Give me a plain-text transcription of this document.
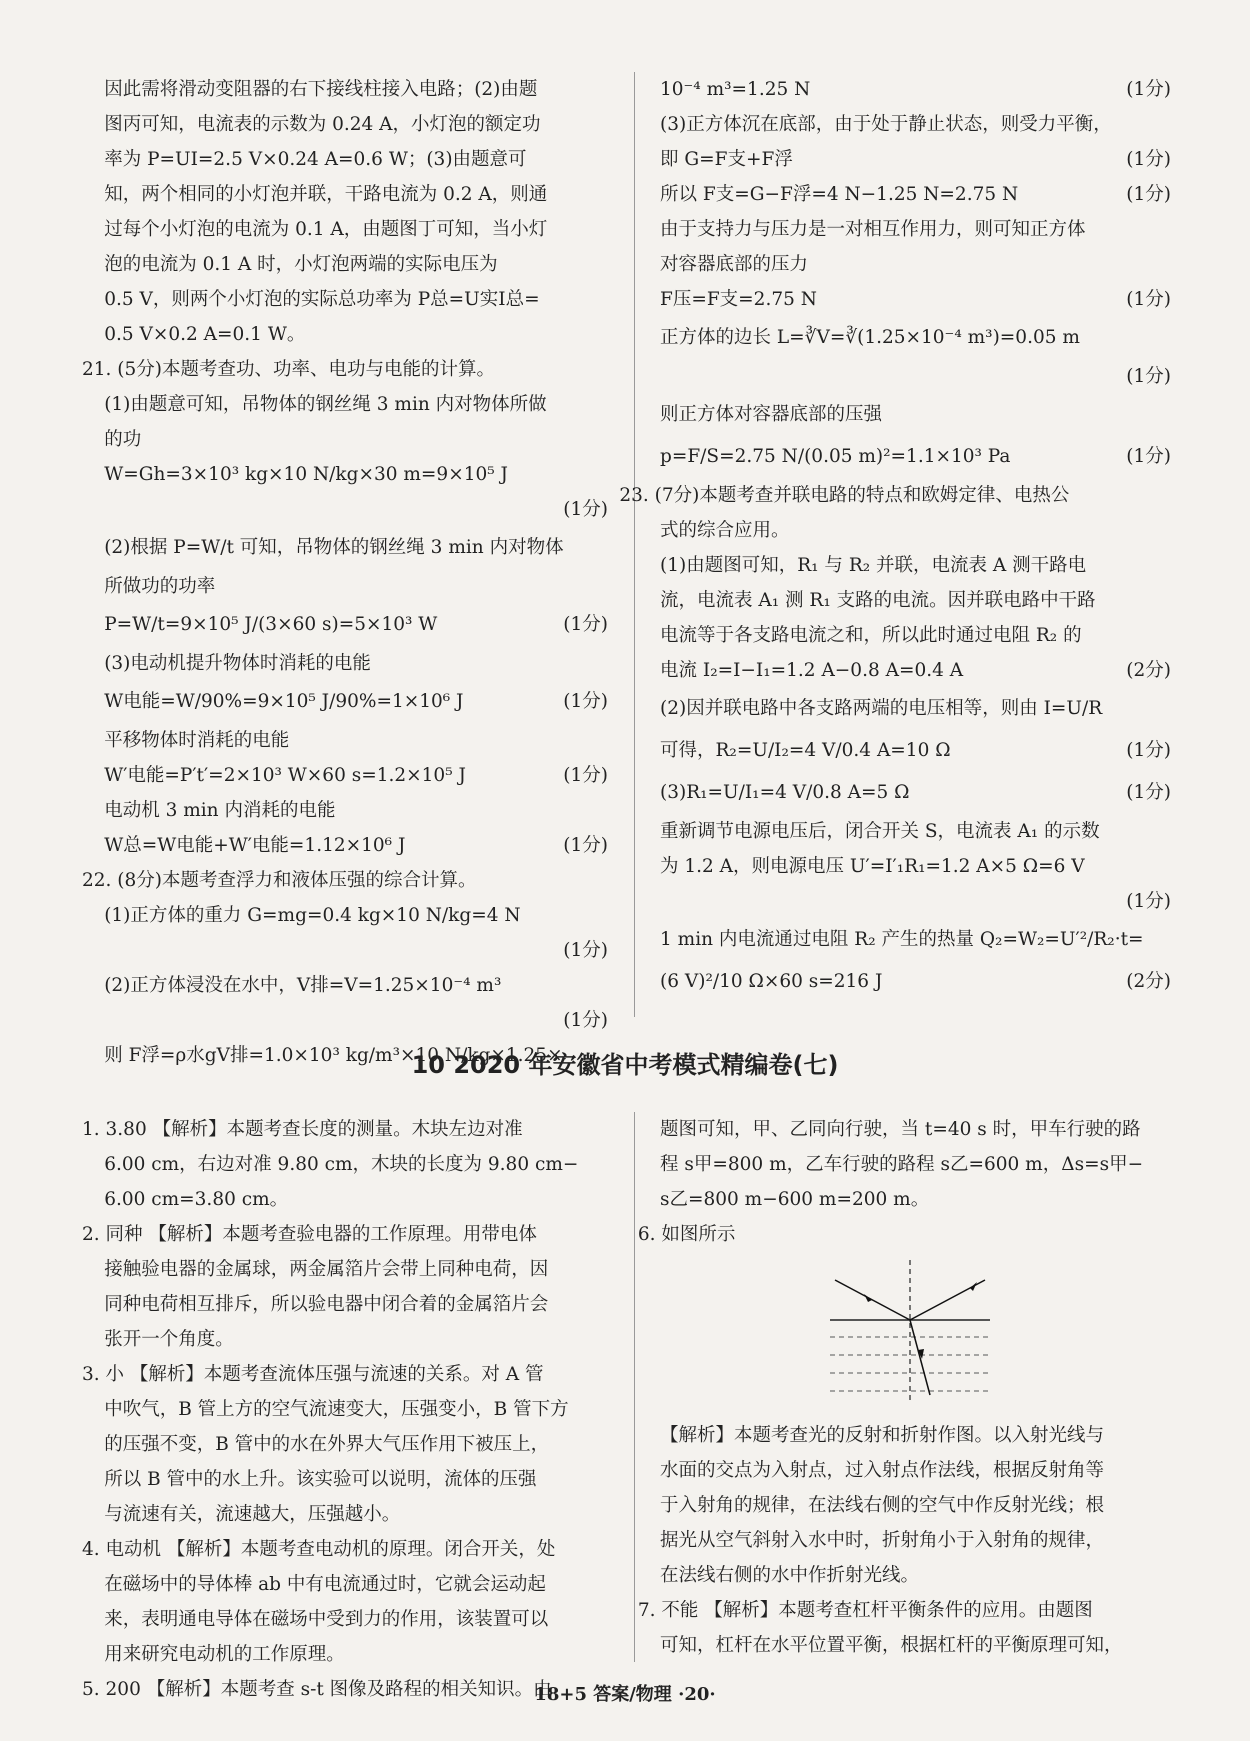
因此需将滑动变阻器的右下接线柱接入电路；(2)由题
图丙可知，电流表的示数为 0.24 A，小灯泡的额定功
率为 P=UI=2.5 V×0.24 A=0.6 W；(3)由题意可
知，两个相同的小灯泡并联，干路电流为 0.2 A，则通
过每个小灯泡的电流为 0.1 A，由题图丁可知，当小灯
泡的电流为 0.1 A 时，小灯泡两端的实际电压为
0.5 V，则两个小灯泡的实际总功率为 P总=U实I总=
0.5 V×0.2 A=0.1 W。
21. (5分)本题考查功、功率、电功与电能的计算。
(1)由题意可知，吊物体的钢丝绳 3 min 内对物体所做
的功
W=Gh=3×10³ kg×10 N/kg×30 m=9×10⁵ J
(1分)
(2)根据 P=W/t 可知，吊物体的钢丝绳 3 min 内对物体
所做功的功率
P=W/t=9×10⁵ J/(3×60 s)=5×10³ W	(1分)
(3)电动机提升物体时消耗的电能
W电能=W/90%=9×10⁵ J/90%=1×10⁶ J	(1分)
平移物体时消耗的电能
W′电能=P′t′=2×10³ W×60 s=1.2×10⁵ J	(1分)
电动机 3 min 内消耗的电能
W总=W电能+W′电能=1.12×10⁶ J	(1分)
22. (8分)本题考查浮力和液体压强的综合计算。
(1)正方体的重力 G=mg=0.4 kg×10 N/kg=4 N
(1分)
(2)正方体浸没在水中，V排=V=1.25×10⁻⁴ m³
(1分)
则 F浮=ρ水gV排=1.0×10³ kg/m³×10 N/kg×1.25×
10⁻⁴ m³=1.25 N	(1分)
(3)正方体沉在底部，由于处于静止状态，则受力平衡，
即 G=F支+F浮	(1分)
所以 F支=G−F浮=4 N−1.25 N=2.75 N	(1分)
由于支持力与压力是一对相互作用力，则可知正方体
对容器底部的压力
F压=F支=2.75 N	(1分)
正方体的边长 L=∛V=∛(1.25×10⁻⁴ m³)=0.05 m
(1分)
则正方体对容器底部的压强
p=F/S=2.75 N/(0.05 m)²=1.1×10³ Pa	(1分)
23. (7分)本题考查并联电路的特点和欧姆定律、电热公
式的综合应用。
(1)由题图可知，R₁ 与 R₂ 并联，电流表 A 测干路电
流，电流表 A₁ 测 R₁ 支路的电流。因并联电路中干路
电流等于各支路电流之和，所以此时通过电阻 R₂ 的
电流 I₂=I−I₁=1.2 A−0.8 A=0.4 A	(2分)
(2)因并联电路中各支路两端的电压相等，则由 I=U/R
可得，R₂=U/I₂=4 V/0.4 A=10 Ω	(1分)
(3)R₁=U/I₁=4 V/0.8 A=5 Ω	(1分)
重新调节电源电压后，闭合开关 S，电流表 A₁ 的示数
为 1.2 A，则电源电压 U′=I′₁R₁=1.2 A×5 Ω=6 V
(1分)
1 min 内电流通过电阻 R₂ 产生的热量 Q₂=W₂=U′²/R₂·t=
(6 V)²/10 Ω×60 s=216 J	(2分)
10 2020 年安徽省中考模式精编卷(七)
1. 3.80 【解析】本题考查长度的测量。木块左边对准
6.00 cm，右边对准 9.80 cm，木块的长度为 9.80 cm−
6.00 cm=3.80 cm。
2. 同种 【解析】本题考查验电器的工作原理。用带电体
接触验电器的金属球，两金属箔片会带上同种电荷，因
同种电荷相互排斥，所以验电器中闭合着的金属箔片会
张开一个角度。
3. 小 【解析】本题考查流体压强与流速的关系。对 A 管
中吹气，B 管上方的空气流速变大，压强变小，B 管下方
的压强不变，B 管中的水在外界大气压作用下被压上，
所以 B 管中的水上升。该实验可以说明，流体的压强
与流速有关，流速越大，压强越小。
4. 电动机 【解析】本题考查电动机的原理。闭合开关，处
在磁场中的导体棒 ab 中有电流通过时，它就会运动起
来，表明通电导体在磁场中受到力的作用，该装置可以
用来研究电动机的工作原理。
5. 200 【解析】本题考查 s-t 图像及路程的相关知识。由
题图可知，甲、乙同向行驶，当 t=40 s 时，甲车行驶的路
程 s甲=800 m，乙车行驶的路程 s乙=600 m，Δs=s甲−
s乙=800 m−600 m=200 m。
6. 如图所示
【解析】本题考查光的反射和折射作图。以入射光线与
水面的交点为入射点，过入射点作法线，根据反射角等
于入射角的规律，在法线右侧的空气中作反射光线；根
据光从空气斜射入水中时，折射角小于入射角的规律，
在法线右侧的水中作折射光线。
7. 不能 【解析】本题考查杠杆平衡条件的应用。由题图
可知，杠杆在水平位置平衡，根据杠杆的平衡原理可知，
18+5 答案/物理 ·20·
